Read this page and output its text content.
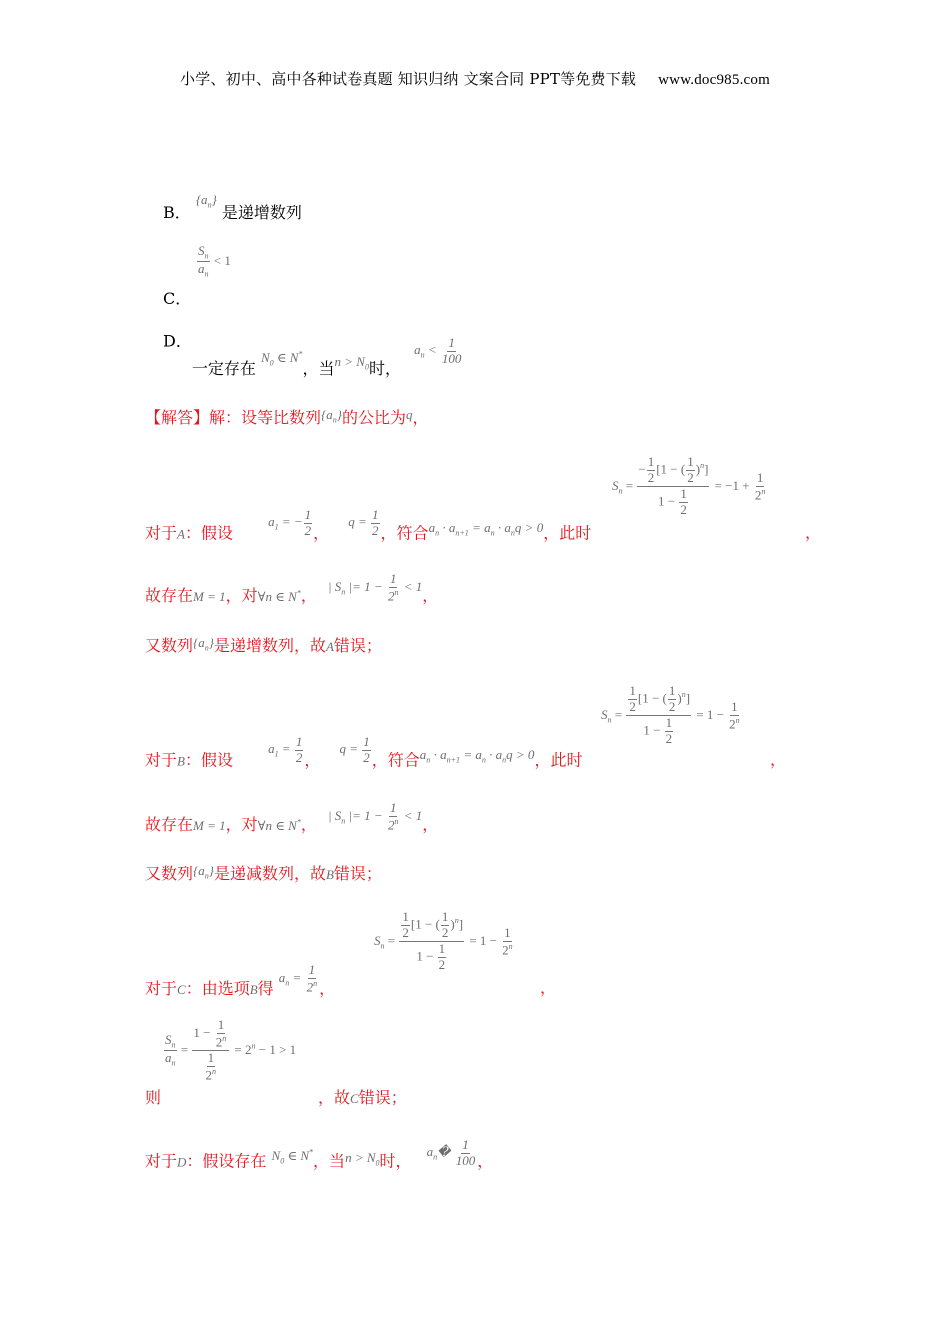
小学、初中、高中各种试卷真题 知识归纳 文案合同 PPT等免费下载 www.doc985.com
B． $^{\{a_n\}}$ 是递增数列
$\frac{S_n}{a_n} < 1$
C．
D．一定存在 $_{N_0 \in N^*}$，当$_{n > N_0}$时， $_{a_n < \frac{1}{100}}$
【解答】解：设等比数列$^{\{a_n\}}$的公比为$^q$，
$S_n = \frac{- \frac{1}{2} [1 - ( \frac{1}{2} )^n]}{1 - \frac{1}{2}} = -1 + \frac{1}{2^n}$
对于A：假设 $^{a_1 = - \frac{1}{2}}$ ， $^{q = \frac{1}{2}}$ ，符合$^{a_n \cdot a_{n+1} = a_n \cdot a_nq > 0}$，此时	，
故存在M = 1，对∀n ∈ N*， $^{| S_n |= 1 - \frac{1}{2^n} < 1}$，
又数列$^{\{a_n\}}$是递增数列，故A错误；
$S_n = \frac{\frac{1}{2} [1 - ( \frac{1}{2} )^n]}{1 - \frac{1}{2}} = 1 - \frac{1}{2^n}$
对于B：假设 $^{a_1 = \frac{1}{2}}$ ， $^{q = \frac{1}{2}}$ ，符合$^{a_n \cdot a_{n+1} = a_n \cdot a_nq > 0}$，此时	，
故存在M = 1，对∀n ∈ N*， $^{| S_n |= 1 - \frac{1}{2^n} < 1}$，
又数列$^{\{a_n\}}$是递减数列，故B错误；
$S_n = \frac{\frac{1}{2} [1 - ( \frac{1}{2} )^n]}{1 - \frac{1}{2}} = 1 - \frac{1}{2^n}$
对于C：由选项B得 $^{a_n = \frac{1}{2^n}}$ ，	，
$\frac{S_n}{a_n} = \frac{1 - \frac{1}{2^n}}{\frac{1}{2^n}} = 2^n - 1 > 1$
则	，故C错误；
对于D：假设存在 $^{N_0 \in N^*}$，当$^{n > N_0}$时， $^{a_n� \frac{1}{100}}$ ，
